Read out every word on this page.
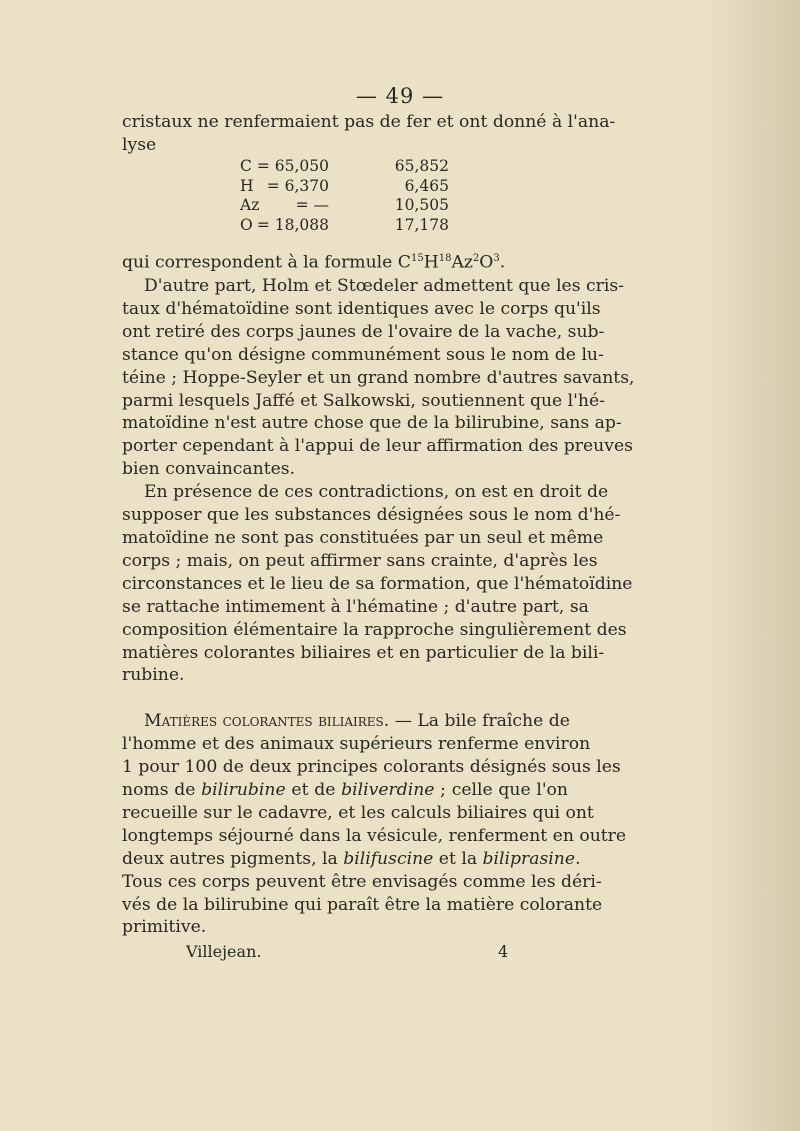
— 49 —
cristaux ne renfermaient pas de fer et ont donné à l'ana-
lyse
qui correspondent à la formule $C^{15}H^{18}Az^2O^3$.
D'autre part, Holm et Stœdeler admettent que les cris-
taux d'hématoïdine sont identiques avec le corps qu'ils
ont retiré des corps jaunes de l'ovaire de la vache, sub-
stance qu'on désigne communément sous le nom de lu-
téine ; Hoppe-Seyler et un grand nombre d'autres savants,
parmi lesquels Jaffé et Salkowski, soutiennent que l'hé-
matoïdine n'est autre chose que de la bilirubine, sans ap-
porter cependant à l'appui de leur affirmation des preuves
bien convaincantes.
En présence de ces contradictions, on est en droit de
supposer que les substances désignées sous le nom d'hé-
matoïdine ne sont pas constituées par un seul et même
corps ; mais, on peut affirmer sans crainte, d'après les
circonstances et le lieu de sa formation, que l'hématoïdine
se rattache intimement à l'hématine ; d'autre part, sa
composition élémentaire la rapproche singulièrement des
matières colorantes biliaires et en particulier de la bili-
rubine.
Matières colorantes biliaires. — La bile fraîche de
l'homme et des animaux supérieurs renferme environ
1 pour 100 de deux principes colorants désignés sous les
noms de bilirubine et de biliverdine ; celle que l'on
recueille sur le cadavre, et les calculs biliaires qui ont
longtemps séjourné dans la vésicule, renferment en outre
deux autres pigments, la bilifuscine et la biliprasine.
Tous ces corps peuvent être envisagés comme les déri-
vés de la bilirubine qui paraît être la matière colorante
primitive.
C = 65,050	65,852
H = 6,370	6,465
Az = —	10,505
O = 18,088	17,178
Villejean.	4
